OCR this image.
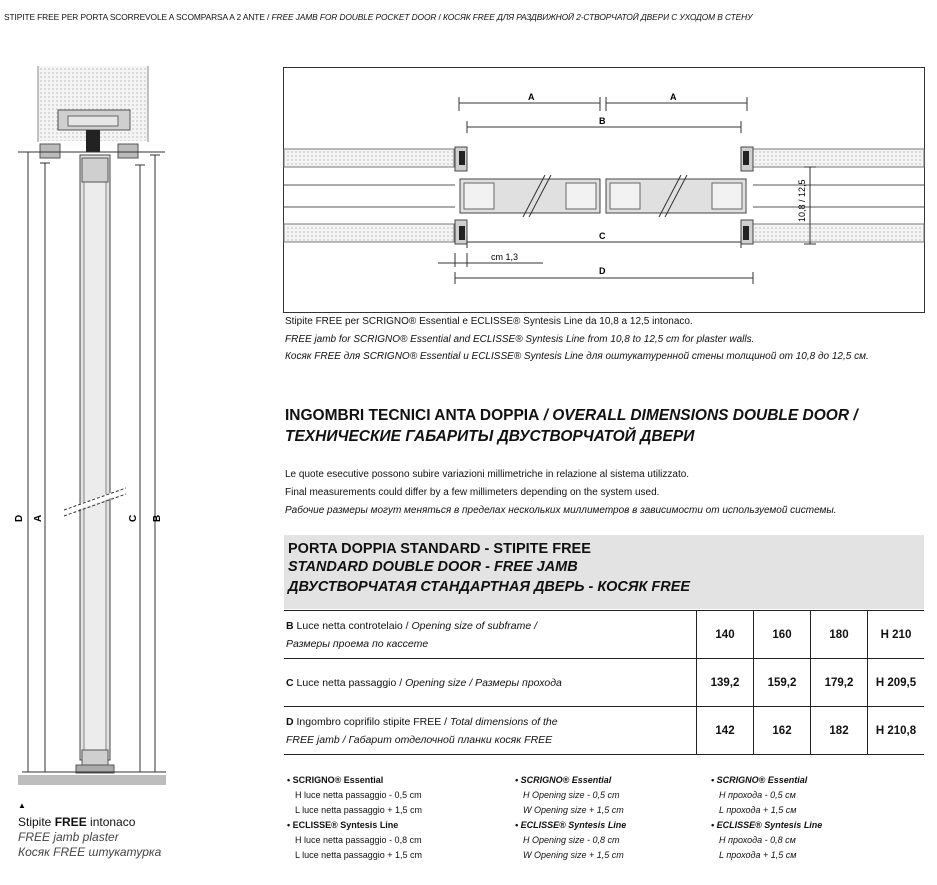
STIPITE FREE PER PORTA SCORREVOLE A SCOMPARSA A 2 ANTE / FREE JAMB FOR DOUBLE POCKET DOOR / КОСЯК FREE ДЛЯ РАЗДВИЖНОЙ 2-СТВОРЧАТОЙ ДВЕРИ С УХОДОМ В СТЕНУ
D A	C B
▲
Stipite FREE intonaco
FREE jamb plaster
Косяк FREE штукатурка
A	A
B
C
D
cm 1,3
10,8 / 12,5
Stipite FREE per SCRIGNO® Essential e ECLISSE® Syntesis Line da 10,8 a 12,5 intonaco.
FREE jamb for SCRIGNO® Essential and ECLISSE® Syntesis Line from 10,8 to 12,5 cm for plaster walls.
Косяк FREE для SCRIGNO® Essential и ECLISSE® Syntesis Line для оштукатуренной стены толщиной от 10,8 до 12,5 см.
INGOMBRI TECNICI ANTA DOPPIA / OVERALL DIMENSIONS DOUBLE DOOR /
ТЕХНИЧЕСКИЕ ГАБАРИТЫ ДВУСТВОРЧАТОЙ ДВЕРИ
Le quote esecutive possono subire variazioni millimetriche in relazione al sistema utilizzato.
Final measurements could differ by a few millimeters depending on the system used.
Рабочие размеры могут меняться в пределах нескольких миллиметров в зависимости от используемой системы.
PORTA DOPPIA STANDARD - STIPITE FREE
STANDARD DOUBLE DOOR - FREE JAMB
ДВУСТВОРЧАТАЯ СТАНДАРТНАЯ ДВЕРЬ - КОСЯК FREE
B Luce netta controtelaio / Opening size of subframe /
Размеры проема по кассете	140	160	180	H 210
C Luce netta passaggio / Opening size / Размеры прохода	139,2	159,2	179,2	H 209,5
D Ingombro coprifilo stipite FREE / Total dimensions of the
FREE jamb / Габарит отделочной планки косяк FREE	142	162	182	H 210,8
• SCRIGNO® Essential
H luce netta passaggio - 0,5 cm
L luce netta passaggio + 1,5 cm
• ECLISSE® Syntesis Line
H luce netta passaggio - 0,8 cm
L luce netta passaggio + 1,5 cm
• SCRIGNO® Essential
H Opening size - 0,5 cm
W Opening size + 1,5 cm
• ECLISSE® Syntesis Line
H Opening size - 0,8 cm
W Opening size + 1,5 cm
• SCRIGNO® Essential
H прохода - 0,5 см
L прохода + 1,5 см
• ECLISSE® Syntesis Line
H прохода - 0,8 см
L прохода + 1,5 см
